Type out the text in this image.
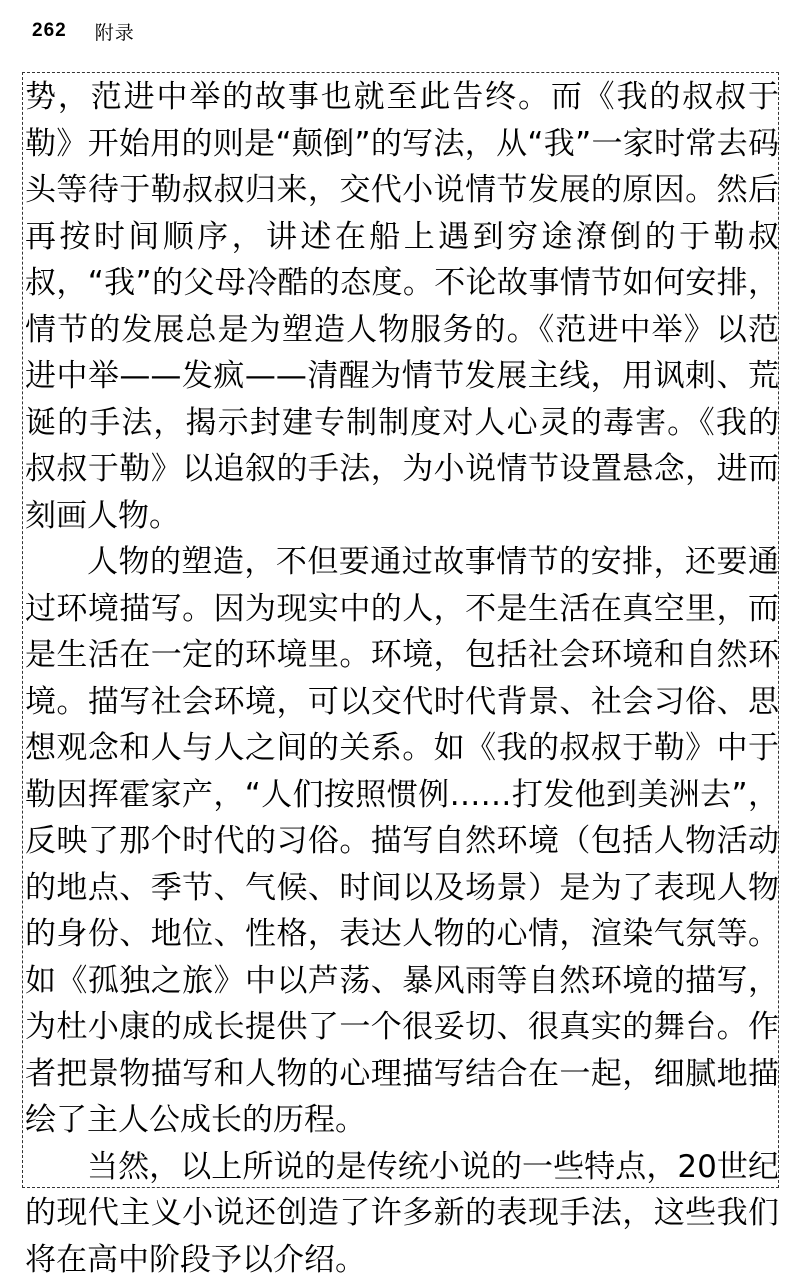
262 附录

势，范进中举的故事也就至此告终。而《我的叔叔于勒》开始用的则是“颠倒”的写法，从“我”一家时常去码头等待于勒叔叔归来，交代小说情节发展的原因。然后再按时间顺序，讲述在船上遇到穷途潦倒的于勒叔叔，“我”的父母冷酷的态度。不论故事情节如何安排，情节的发展总是为塑造人物服务的。《范进中举》以范进中举——发疯——清醒为情节发展主线，用讽刺、荒诞的手法，揭示封建专制制度对人心灵的毒害。《我的叔叔于勒》以追叙的手法，为小说情节设置悬念，进而刻画人物。

人物的塑造，不但要通过故事情节的安排，还要通过环境描写。因为现实中的人，不是生活在真空里，而是生活在一定的环境里。环境，包括社会环境和自然环境。描写社会环境，可以交代时代背景、社会习俗、思想观念和人与人之间的关系。如《我的叔叔于勒》中于勒因挥霍家产，“人们按照惯例……打发他到美洲去”，反映了那个时代的习俗。描写自然环境（包括人物活动的地点、季节、气候、时间以及场景）是为了表现人物的身份、地位、性格，表达人物的心情，渲染气氛等。如《孤独之旅》中以芦荡、暴风雨等自然环境的描写，为杜小康的成长提供了一个很妥切、很真实的舞台。作者把景物描写和人物的心理描写结合在一起，细腻地描绘了主人公成长的历程。

当然，以上所说的是传统小说的一些特点，20世纪的现代主义小说还创造了许多新的表现手法，这些我们将在高中阶段予以介绍。
